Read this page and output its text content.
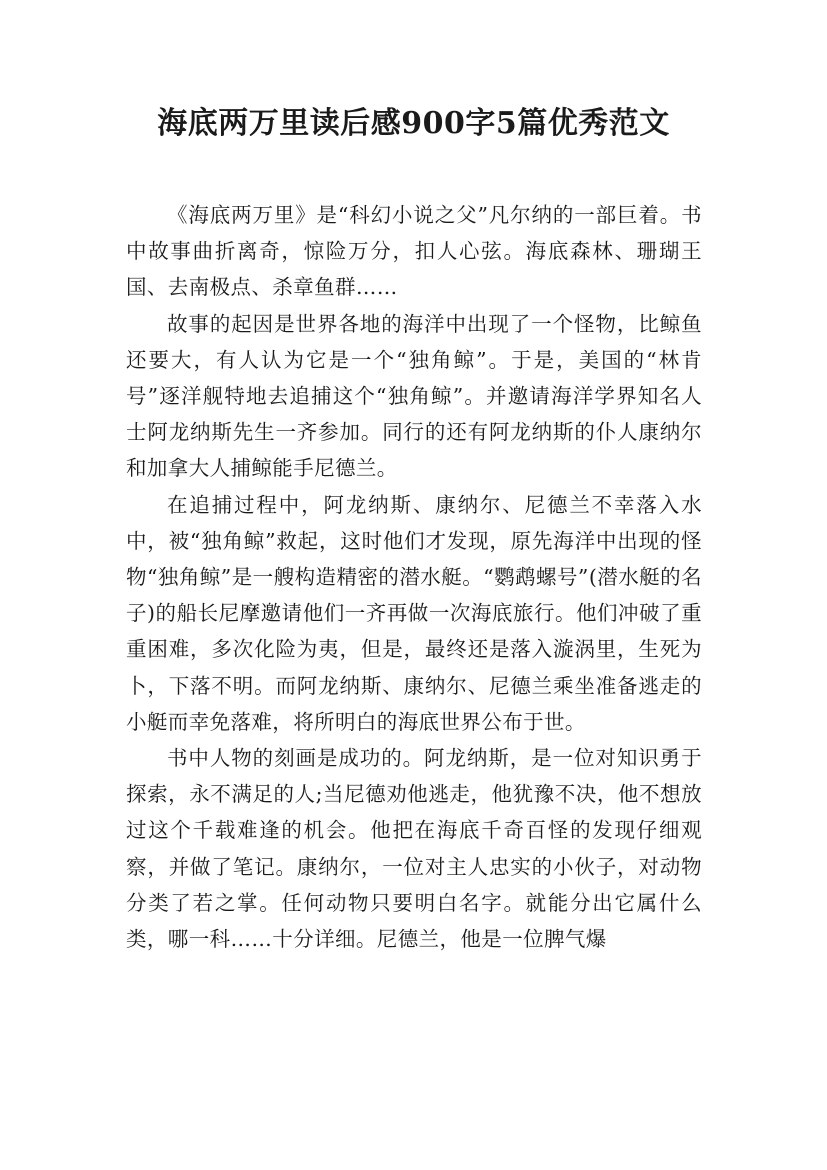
海底两万里读后感900字5篇优秀范文

《海底两万里》是“科幻小说之父”凡尔纳的一部巨着。书中故事曲折离奇，惊险万分，扣人心弦。海底森林、珊瑚王国、去南极点、杀章鱼群……

故事的起因是世界各地的海洋中出现了一个怪物，比鲸鱼还要大，有人认为它是一个“独角鲸”。于是，美国的“林肯号”逐洋舰特地去追捕这个“独角鲸”。并邀请海洋学界知名人士阿龙纳斯先生一齐参加。同行的还有阿龙纳斯的仆人康纳尔和加拿大人捕鲸能手尼德兰。

在追捕过程中，阿龙纳斯、康纳尔、尼德兰不幸落入水中，被“独角鲸”救起，这时他们才发现，原先海洋中出现的怪物“独角鲸”是一艘构造精密的潜水艇。“鹦鹉螺号”(潜水艇的名子)的船长尼摩邀请他们一齐再做一次海底旅行。他们冲破了重重困难，多次化险为夷，但是，最终还是落入漩涡里，生死为卜，下落不明。而阿龙纳斯、康纳尔、尼德兰乘坐准备逃走的小艇而幸免落难，将所明白的海底世界公布于世。

书中人物的刻画是成功的。阿龙纳斯，是一位对知识勇于探索，永不满足的人;当尼德劝他逃走，他犹豫不决，他不想放过这个千载难逢的机会。他把在海底千奇百怪的发现仔细观察，并做了笔记。康纳尔，一位对主人忠实的小伙子，对动物分类了若之掌。任何动物只要明白名字。就能分出它属什么类，哪一科……十分详细。尼德兰，他是一位脾气爆
